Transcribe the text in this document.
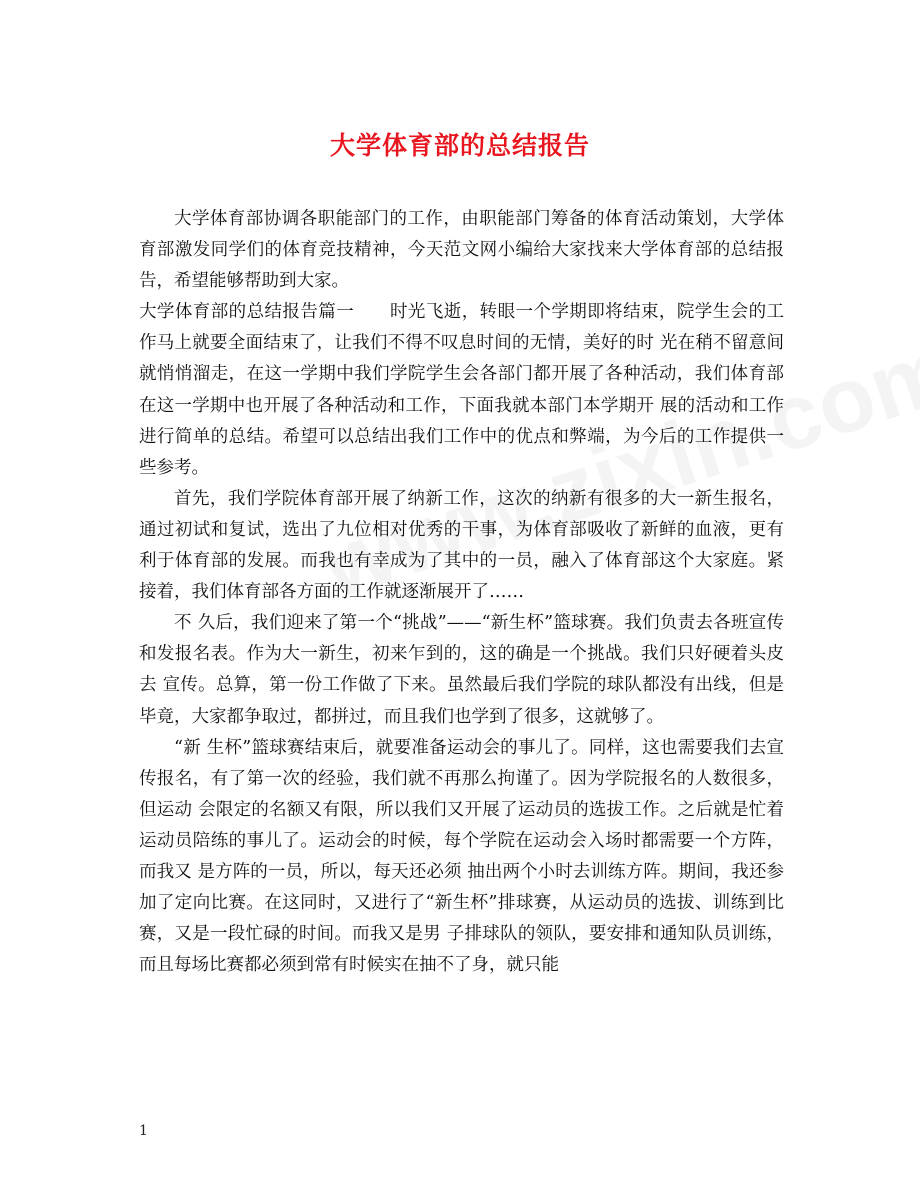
大学体育部的总结报告

大学体育部协调各职能部门的工作，由职能部门筹备的体育活动策划，大学体育部激发同学们的体育竞技精神，今天范文网小编给大家找来大学体育部的总结报告，希望能够帮助到大家。

大学体育部的总结报告篇一　　时光飞逝，转眼一个学期即将结束，院学生会的工作马上就要全面结束了，让我们不得不叹息时间的无情，美好的时 光在稍不留意间就悄悄溜走，在这一学期中我们学院学生会各部门都开展了各种活动，我们体育部在这一学期中也开展了各种活动和工作，下面我就本部门本学期开 展的活动和工作进行简单的总结。希望可以总结出我们工作中的优点和弊端，为今后的工作提供一些参考。

首先，我们学院体育部开展了纳新工作，这次的纳新有很多的大一新生报名，通过初试和复试，选出了九位相对优秀的干事，为体育部吸收了新鲜的血液，更有利于体育部的发展。而我也有幸成为了其中的一员，融入了体育部这个大家庭。紧接着，我们体育部各方面的工作就逐渐展开了……

不 久后，我们迎来了第一个“挑战”——“新生杯”篮球赛。我们负责去各班宣传和发报名表。作为大一新生，初来乍到的，这的确是一个挑战。我们只好硬着头皮去 宣传。总算，第一份工作做了下来。虽然最后我们学院的球队都没有出线，但是毕竟，大家都争取过，都拼过，而且我们也学到了很多，这就够了。

“新 生杯”篮球赛结束后，就要准备运动会的事儿了。同样，这也需要我们去宣传报名，有了第一次的经验，我们就不再那么拘谨了。因为学院报名的人数很多，但运动 会限定的名额又有限，所以我们又开展了运动员的选拔工作。之后就是忙着运动员陪练的事儿了。运动会的时候，每个学院在运动会入场时都需要一个方阵，而我又 是方阵的一员，所以，每天还必须 抽出两个小时去训练方阵。期间，我还参加了定向比赛。在这同时，又进行了“新生杯”排球赛，从运动员的选拔、训练到比赛，又是一段忙碌的时间。而我又是男 子排球队的领队，要安排和通知队员训练，而且每场比赛都必须到常有时候实在抽不了身，就只能

1
